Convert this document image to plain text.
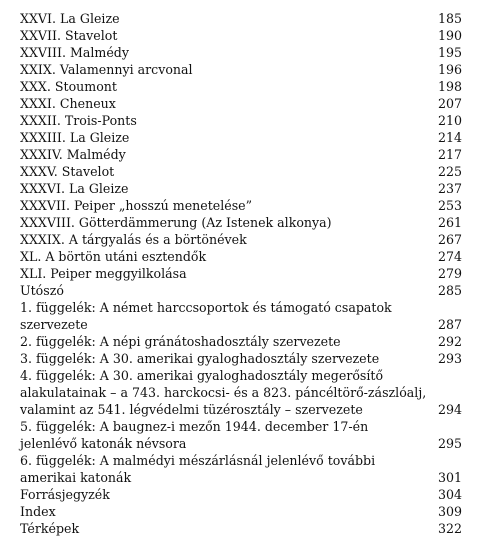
XXVI. La Gleize	185
XXVII. Stavelot	190
XXVIII. Malmédy	195
XXIX. Valamennyi arcvonal	196
XXX. Stoumont	198
XXXI. Cheneux	207
XXXII. Trois-Ponts	210
XXXIII. La Gleize	214
XXXIV. Malmédy	217
XXXV. Stavelot	225
XXXVI. La Gleize	237
XXXVII. Peiper „hosszú menetelése”	253
XXXVIII. Götterdämmerung (Az Istenek alkonya)	261
XXXIX. A tárgyalás és a börtönévek	267
XL. A börtön utáni esztendők	274
XLI. Peiper meggyilkolása	279
Utószó	285
1. függelék: A német harccsoportok és támogató csapatok szervezete	287
2. függelék: A népi gránátoshadosztály szervezete	292
3. függelék: A 30. amerikai gyaloghadosztály szervezete	293
4. függelék: A 30. amerikai gyaloghadosztály megerősítő alakulatainak – a 743. harckocsi- és a 823. páncéltörő-zászlóalj, valamint az 541. légvédelmi tüzérosztály – szervezete	294
5. függelék: A baugnez-i mezőn 1944. december 17-én jelenlévő katonák névsora	295
6. függelék: A malmédyi mészárlásnál jelenlévő további amerikai katonák	301
Forrásjegyzék	304
Index	309
Térképek	322
